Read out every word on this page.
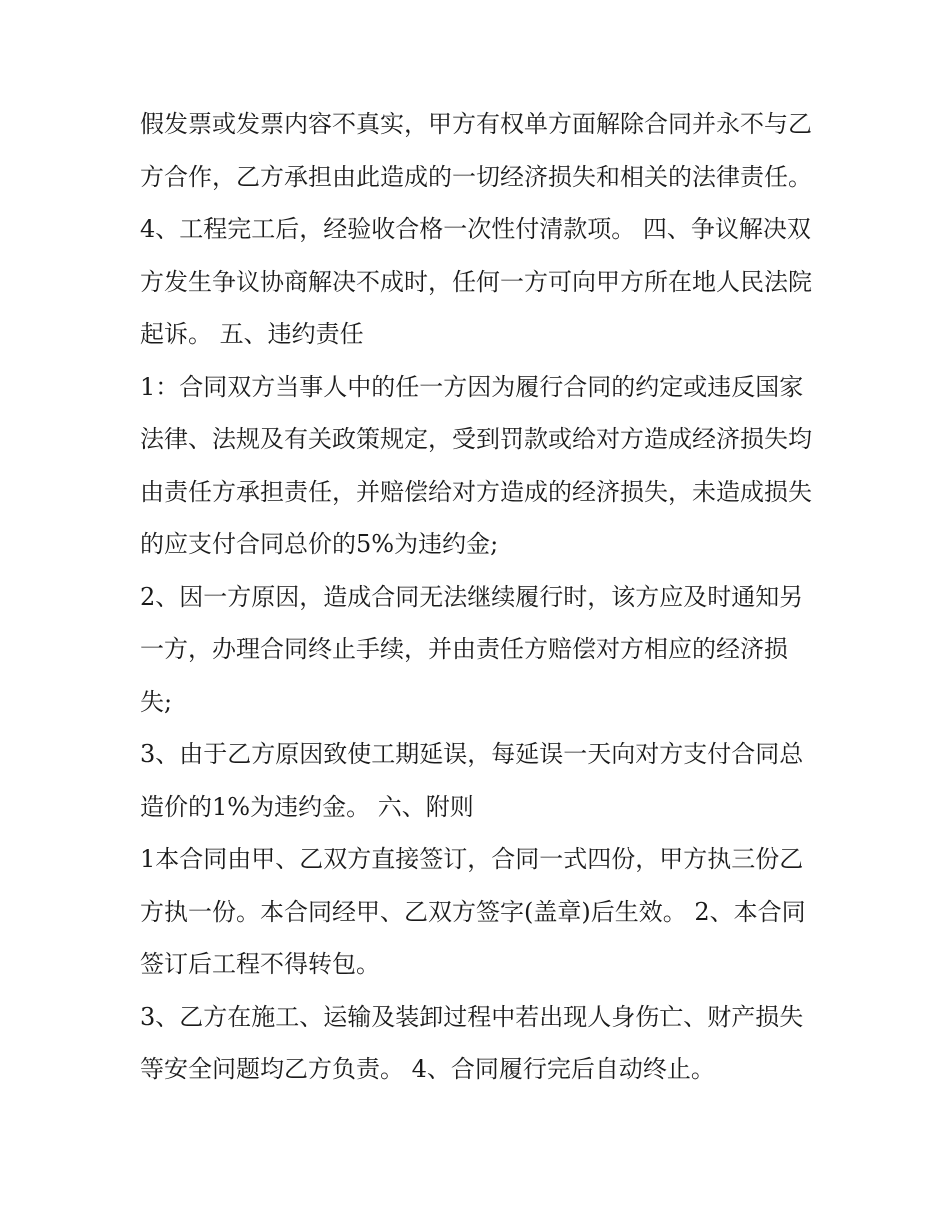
假发票或发票内容不真实，甲方有权单方面解除合同并永不与乙方合作，乙方承担由此造成的一切经济损失和相关的法律责任。

4、工程完工后，经验收合格一次性付清款项。 四、争议解决双方发生争议协商解决不成时，任何一方可向甲方所在地人民法院起诉。 五、违约责任

1：合同双方当事人中的任一方因为履行合同的约定或违反国家法律、法规及有关政策规定，受到罚款或给对方造成经济损失均由责任方承担责任，并赔偿给对方造成的经济损失，未造成损失的应支付合同总价的5%为违约金;

2、因一方原因，造成合同无法继续履行时，该方应及时通知另一方，办理合同终止手续，并由责任方赔偿对方相应的经济损失;

3、由于乙方原因致使工期延误，每延误一天向对方支付合同总造价的1%为违约金。 六、附则

1本合同由甲、乙双方直接签订，合同一式四份，甲方执三份乙方执一份。本合同经甲、乙双方签字(盖章)后生效。 2、本合同签订后工程不得转包。

3、乙方在施工、运输及装卸过程中若出现人身伤亡、财产损失等安全问题均乙方负责。 4、合同履行完后自动终止。
